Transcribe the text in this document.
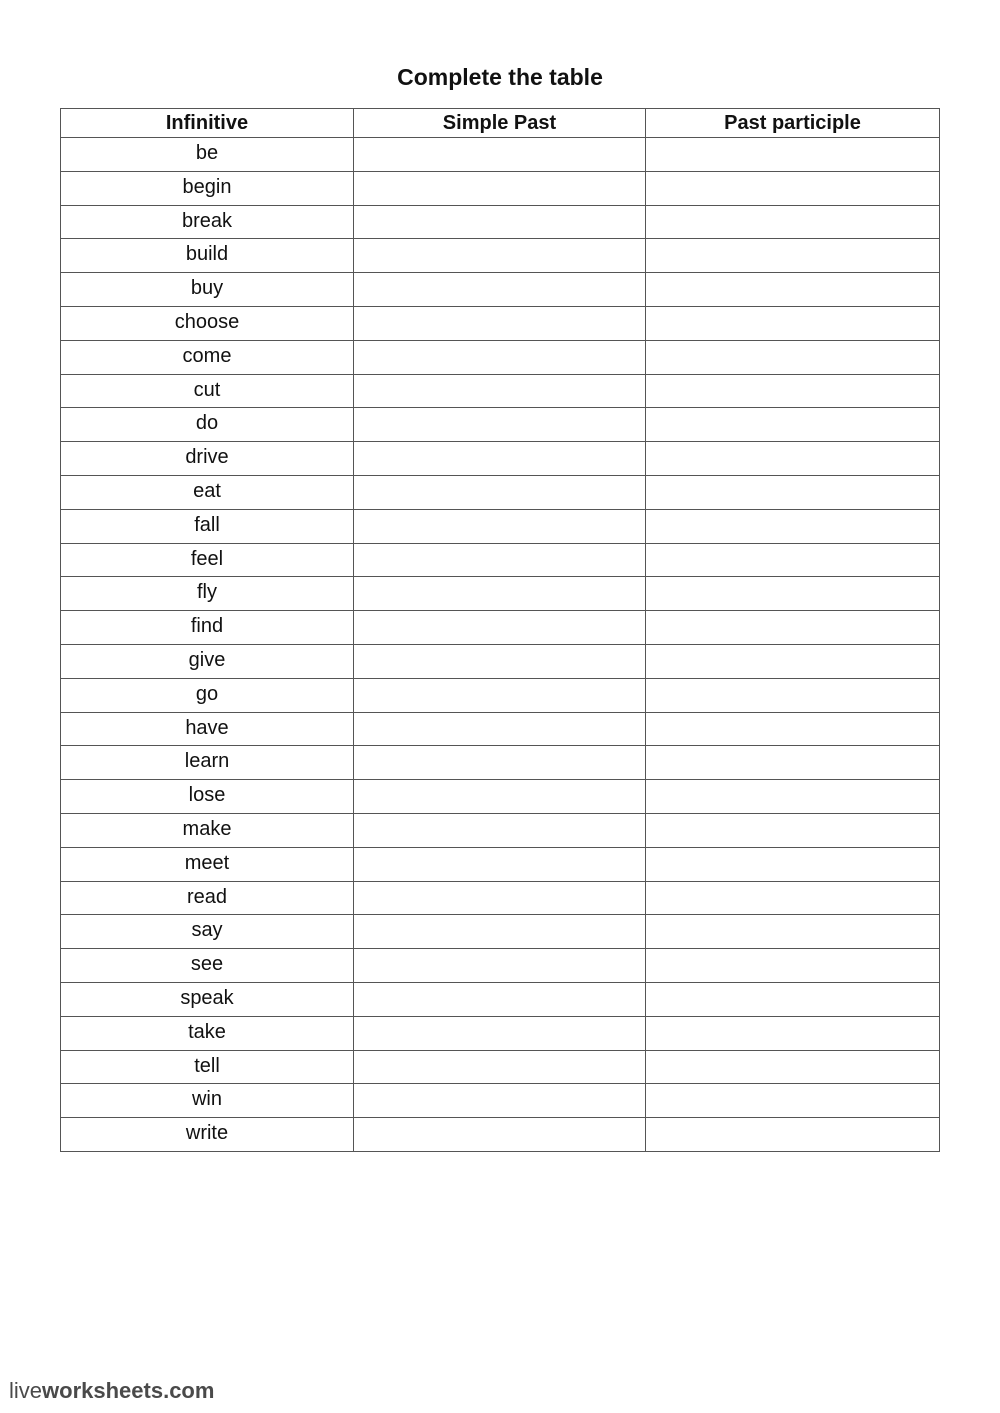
Complete the table
Infinitive	Simple Past	Past participle
be		
begin		
break		
build		
buy		
choose		
come		
cut		
do		
drive		
eat		
fall		
feel		
fly		
find		
give		
go		
have		
learn		
lose		
make		
meet		
read		
say		
see		
speak		
take		
tell		
win		
write		
liveworksheets.com
